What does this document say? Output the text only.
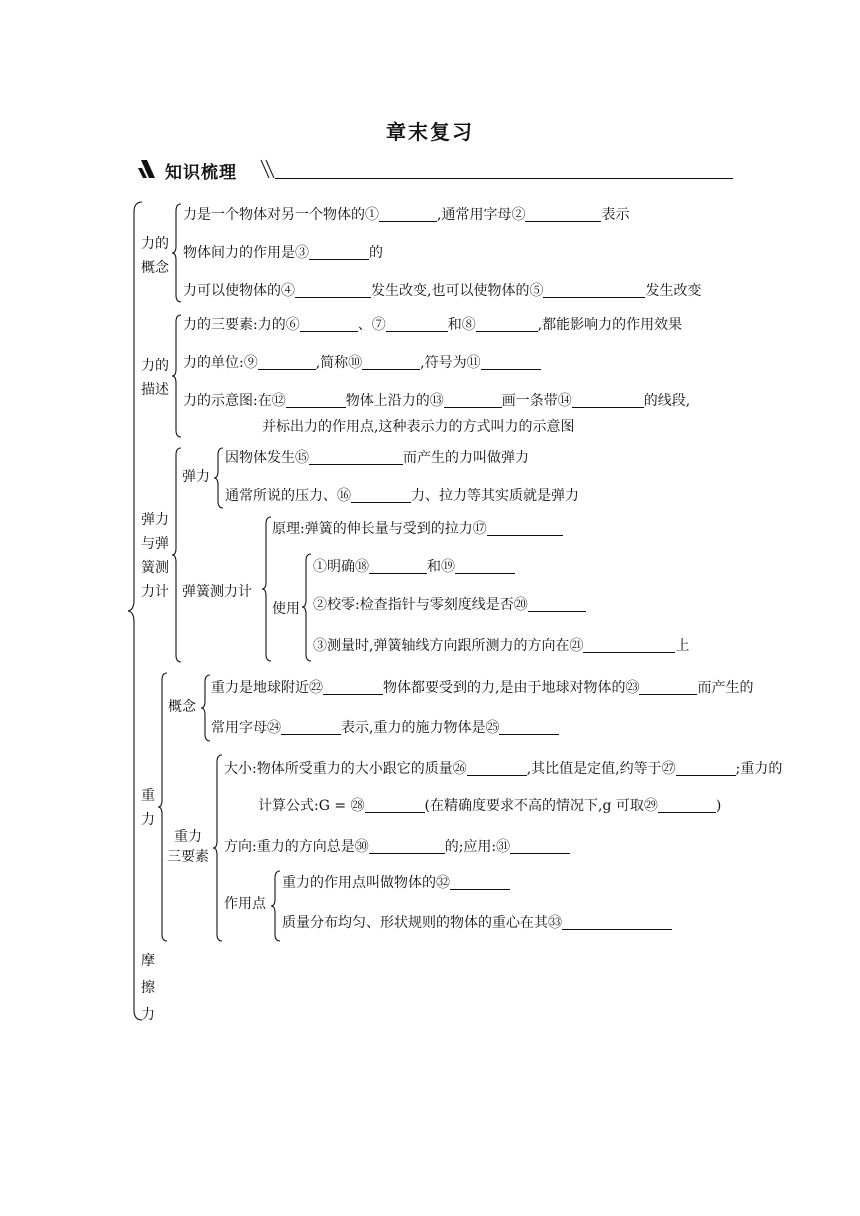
章末复习
知识梳理
力的
概念
力是一个物体对另一个物体的①	,通常用字母②	表示
物体间力的作用是③	的
力可以使物体的④	发生改变,也可以使物体的⑤	发生改变
力的
描述
力的三要素:力的⑥	、⑦	和⑧	,都能影响力的作用效果
力的单位:⑨	,简称⑩	,符号为⑪
力的示意图:在⑫	物体上沿力的⑬	画一条带⑭	的线段,
并标出力的作用点,这种表示力的方式叫力的示意图
弹力
与弹
簧测
力计
弹力
因物体发生⑮	而产生的力叫做弹力
通常所说的压力、⑯	力、拉力等其实质就是弹力
弹簧测力计
原理:弹簧的伸长量与受到的拉力⑰
使用
①明确⑱	和⑲
②校零:检查指针与零刻度线是否⑳
③测量时,弹簧轴线方向跟所测力的方向在㉑	上
重
力
概念
重力是地球附近㉒	物体都要受到的力,是由于地球对物体的㉓	而产生的
常用字母㉔	表示,重力的施力物体是㉕
重力
三要素
大小:物体所受重力的大小跟它的质量㉖	,其比值是定值,约等于㉗	;重力的
计算公式:G = ㉘	(在精确度要求不高的情况下,g 可取㉙	)
方向:重力的方向总是㉚	的;应用:㉛
作用点
重力的作用点叫做物体的㉜
质量分布均匀、形状规则的物体的重心在其㉝
摩
擦
力
